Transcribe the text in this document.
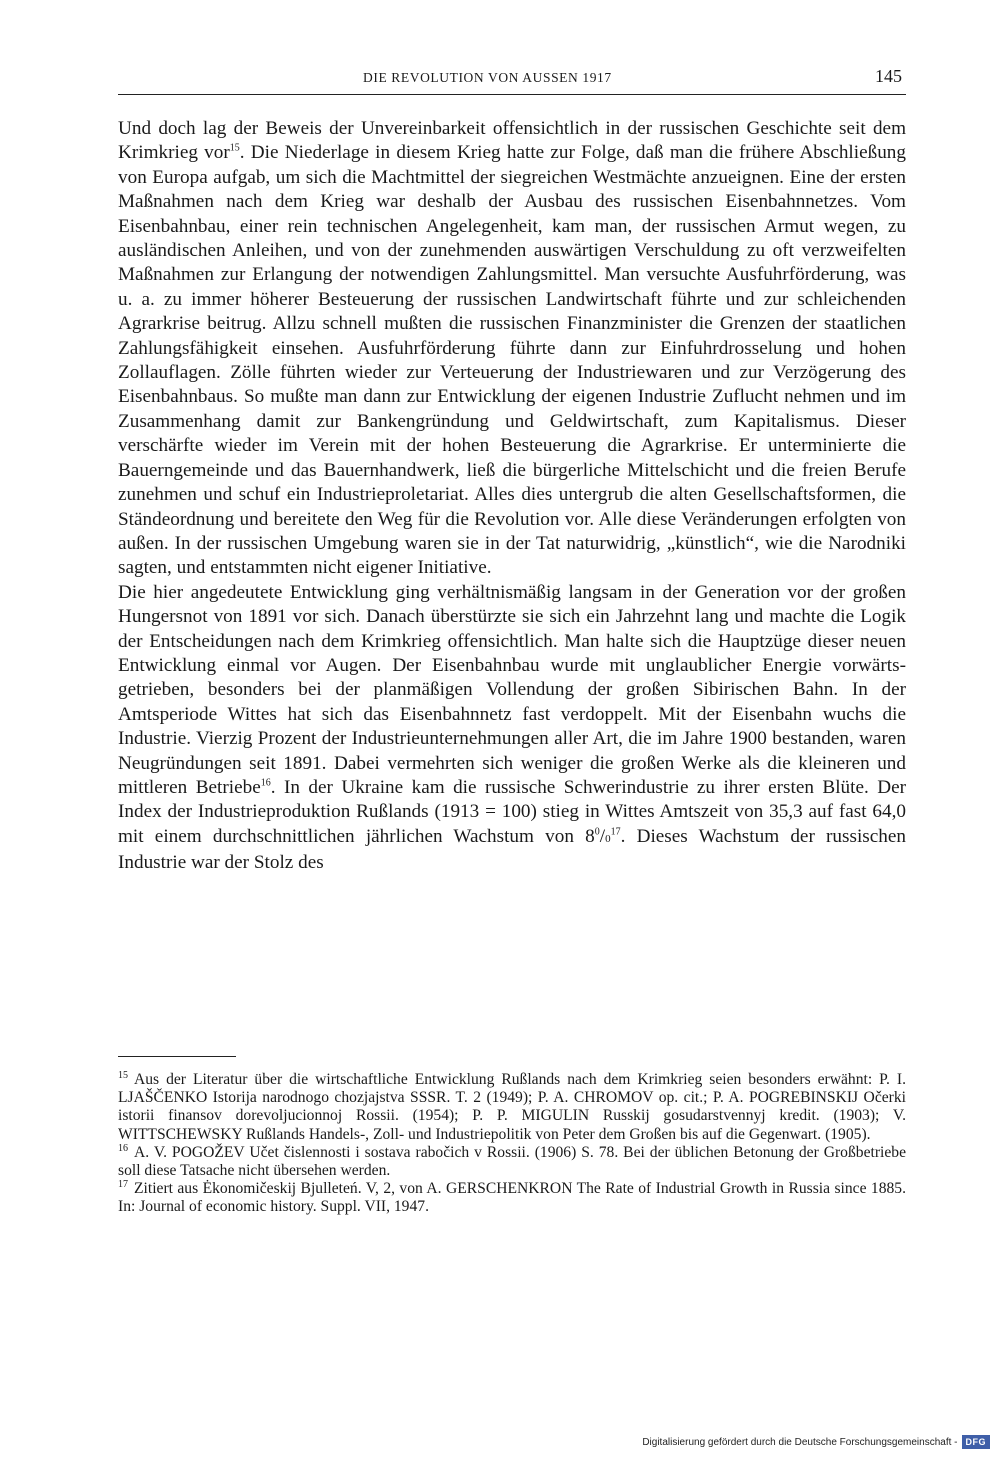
DIE REVOLUTION VON AUSSEN 1917	145

Und doch lag der Beweis der Unvereinbarkeit offensichtlich in der russischen Geschichte seit dem Krimkrieg vor$^{15}$. Die Niederlage in diesem Krieg hatte zur Folge, daß man die frühere Abschließung von Europa aufgab, um sich die Machtmittel der siegreichen Westmächte anzueignen. Eine der ersten Maßnahmen nach dem Krieg war deshalb der Ausbau des russischen Eisenbahnnetzes. Vom Eisenbahnbau, einer rein technischen Angelegenheit, kam man, der russischen Armut wegen, zu ausländischen Anleihen, und von der zunehmenden auswärtigen Verschuldung zu oft verzweifelten Maßnahmen zur Erlangung der notwendigen Zahlungsmittel. Man versuchte Ausfuhrförderung, was u. a. zu immer höherer Besteuerung der russischen Landwirtschaft führte und zur schleichenden Agrarkrise beitrug. Allzu schnell mußten die russischen Finanzminister die Grenzen der staatlichen Zahlungsfähigkeit einsehen. Ausfuhrförderung führte dann zur Einfuhrdrosselung und hohen Zollauflagen. Zölle führten wieder zur Verteuerung der Industriewaren und zur Verzögerung des Eisenbahnbaus. So mußte man dann zur Entwicklung der eigenen Industrie Zuflucht nehmen und im Zusammenhang damit zur Bankengründung und Geldwirtschaft, zum Kapitalismus. Dieser verschärfte wieder im Verein mit der hohen Besteuerung die Agrarkrise. Er unterminierte die Bauerngemeinde und das Bauernhandwerk, ließ die bürgerliche Mittelschicht und die freien Berufe zunehmen und schuf ein Industrieproletariat. Alles dies untergrub die alten Gesellschaftsformen, die Ständeordnung und bereitete den Weg für die Revolution vor. Alle diese Veränderungen erfolgten von außen. In der russischen Umgebung waren sie in der Tat naturwidrig, „künstlich“, wie die Narodniki sagten, und entstammten nicht eigener Initiative.

Die hier angedeutete Entwicklung ging verhältnismäßig langsam in der Generation vor der großen Hungersnot von 1891 vor sich. Danach überstürzte sie sich ein Jahrzehnt lang und machte die Logik der Entscheidungen nach dem Krimkrieg offensichtlich. Man halte sich die Hauptzüge dieser neuen Entwicklung einmal vor Augen. Der Eisenbahnbau wurde mit unglaublicher Energie vorwärtsgetrieben, besonders bei der planmäßigen Vollendung der großen Sibirischen Bahn. In der Amtsperiode Wittes hat sich das Eisenbahnnetz fast verdoppelt. Mit der Eisenbahn wuchs die Industrie. Vierzig Prozent der Industrieunternehmungen aller Art, die im Jahre 1900 bestanden, waren Neugründungen seit 1891. Dabei vermehrten sich weniger die großen Werke als die kleineren und mittleren Betriebe$^{16}$. In der Ukraine kam die russische Schwerindustrie zu ihrer ersten Blüte. Der Index der Industrieproduktion Rußlands (1913 = 100) stieg in Wittes Amtszeit von 35,3 auf fast 64,0 mit einem durchschnittlichen jährlichen Wachstum von $8^0/0^{17}$. Dieses Wachstum der russischen Industrie war der Stolz des

$^{15}$ Aus der Literatur über die wirtschaftliche Entwicklung Rußlands nach dem Krimkrieg seien besonders erwähnt: P. I. LJAŠČENKO Istorija narodnogo chozjajstva SSSR. T. 2 (1949); P. A. CHROMOV op. cit.; P. A. POGREBINSKIJ Očerki istorii finansov dorevoljucionnoj Rossii. (1954); P. P. MIGULIN Russkij gosudarstvennyj kredit. (1903); V. WITTSCHEWSKY Rußlands Handels-, Zoll- und Industriepolitik von Peter dem Großen bis auf die Gegenwart. (1905).

$^{16}$ A. V. POGOŽEV Učet čislennosti i sostava rabočich v Rossii. (1906) S. 78. Bei der üblichen Betonung der Großbetriebe soll diese Tatsache nicht übersehen werden.

$^{17}$ Zitiert aus Ėkonomičeskij Bjulleteń. V, 2, von A. GERSCHENKRON The Rate of Industrial Growth in Russia since 1885. In: Journal of economic history. Suppl. VII, 1947.

Digitalisierung gefördert durch die Deutsche Forschungsgemeinschaft - DFG
